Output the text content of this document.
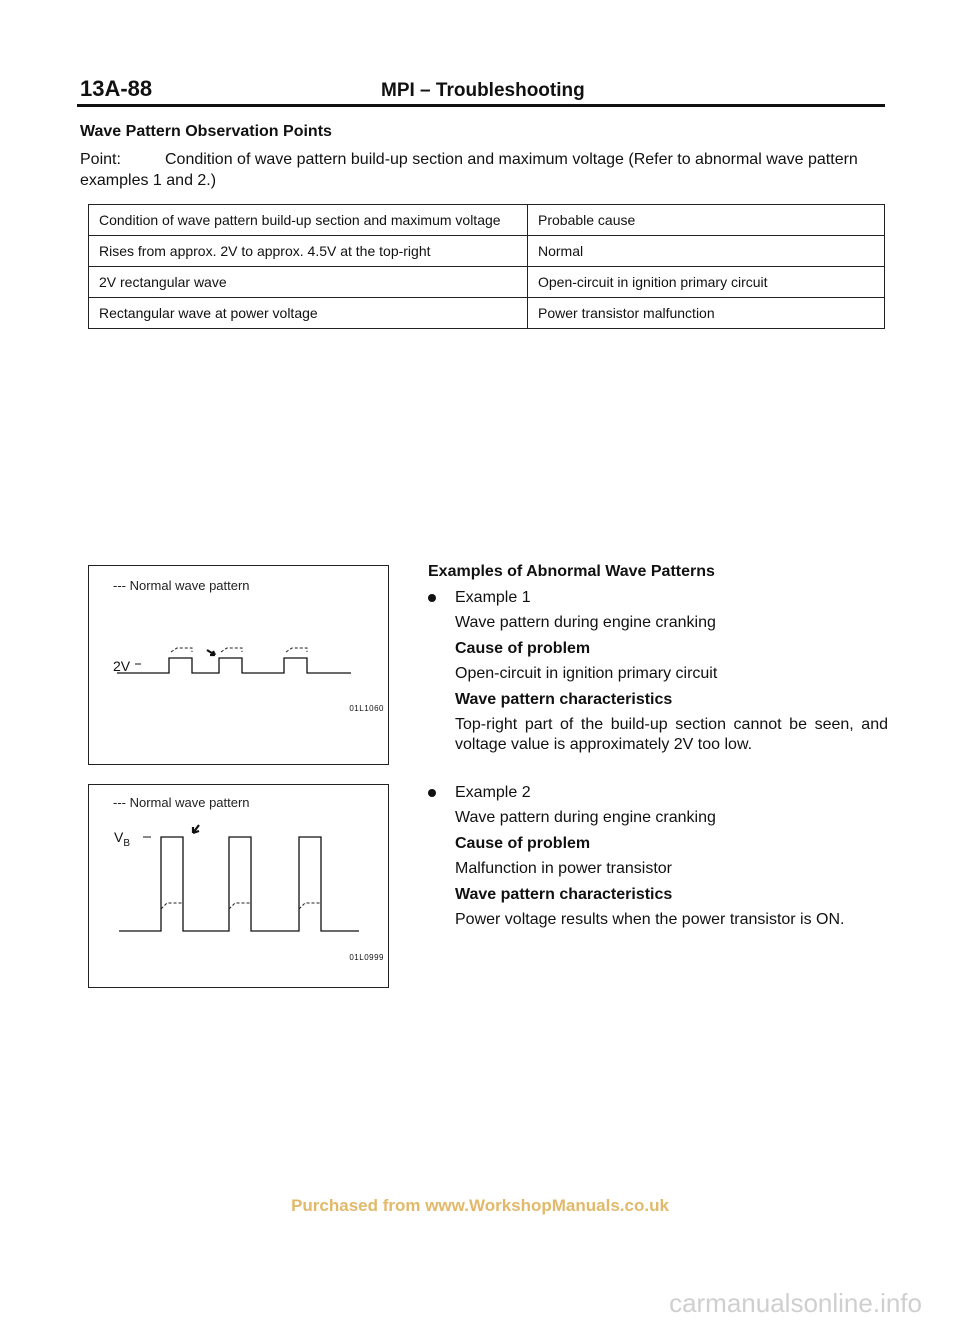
13A-88	MPI – Troubleshooting
Wave Pattern Observation Points
Point:	Condition of wave pattern build-up section and maximum voltage (Refer to abnormal wave pattern examples 1 and 2.)
Condition of wave pattern build-up section and maximum voltage	Probable cause
Rises from approx. 2V to approx. 4.5V at the top-right	Normal
2V rectangular wave	Open-circuit in ignition primary circuit
Rectangular wave at power voltage	Power transistor malfunction
--- Normal wave pattern
2V
01L1060
--- Normal wave pattern
$V_B$
01L0999
Examples of Abnormal Wave Patterns
Example 1
Wave pattern during engine cranking
Cause of problem
Open-circuit in ignition primary circuit
Wave pattern characteristics
Top-right part of the build-up section cannot be seen, and voltage value is approximately 2V too low.
Example 2
Wave pattern during engine cranking
Cause of problem
Malfunction in power transistor
Wave pattern characteristics
Power voltage results when the power transistor is ON.
Purchased from www.WorkshopManuals.co.uk
carmanualsonline.info
